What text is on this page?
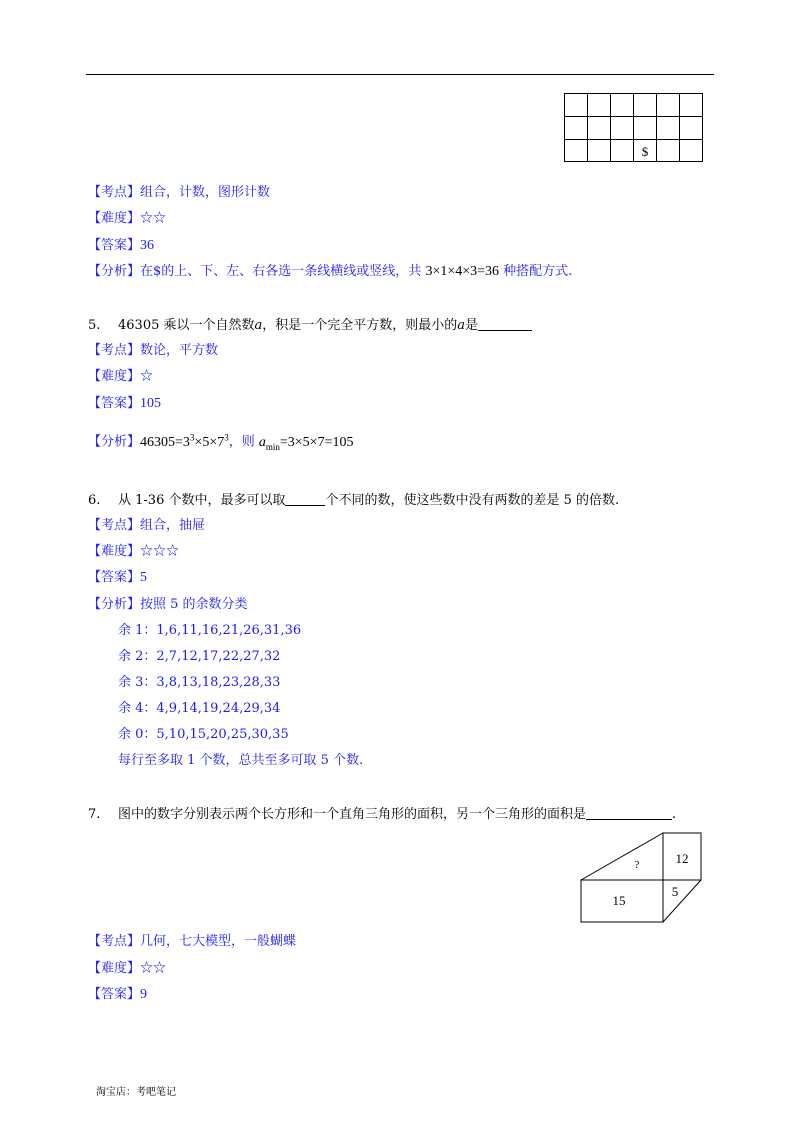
$
【考点】组合，计数，图形计数
【难度】☆☆
【答案】36
【分析】在$的上、下、左、右各选一条线横线或竖线，共 3×1×4×3=36 种搭配方式.
5. 46305 乘以一个自然数a，积是一个完全平方数，则最小的a是
【考点】数论，平方数
【难度】☆
【答案】105
【分析】$46305=3^3\times 5\times 7^3$，则 $a_{min}=3\times 5\times 7=105$
6. 从 1-36 个数中，最多可以取	个不同的数，使这些数中没有两数的差是 5 的倍数.
【考点】组合，抽屉
【难度】☆☆☆
【答案】5
【分析】按照 5 的余数分类
余 1：1,6,11,16,21,26,31,36
余 2：2,7,12,17,22,27,32
余 3：3,8,13,18,23,28,33
余 4：4,9,14,19,24,29,34
余 0：5,10,15,20,25,30,35
每行至多取 1 个数，总共至多可取 5 个数.
7. 图中的数字分别表示两个长方形和一个直角三角形的面积，另一个三角形的面积是	.
?	12
15
5
【考点】几何，七大模型，一般蝴蝶
【难度】☆☆
【答案】9
淘宝店：考吧笔记
